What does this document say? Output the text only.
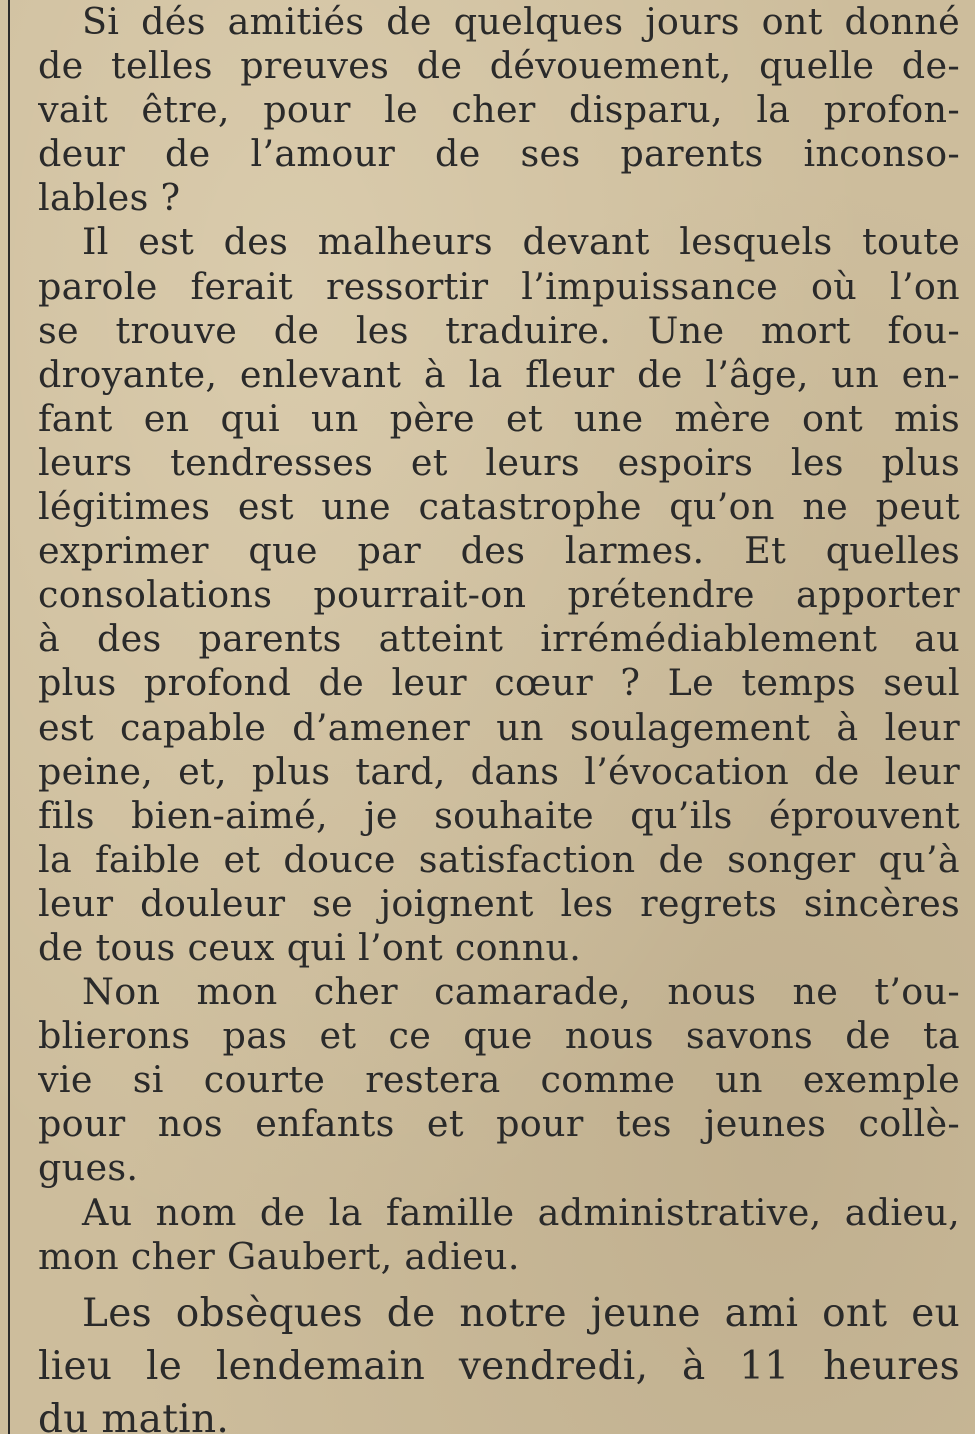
Si dés amitiés de quelques jours ont donné
de telles preuves de dévouement, quelle de-
vait être, pour le cher disparu, la profon-
deur de l’amour de ses parents inconso-
lables ?
Il est des malheurs devant lesquels toute
parole ferait ressortir l’impuissance où l’on
se trouve de les traduire. Une mort fou-
droyante, enlevant à la fleur de l’âge, un en-
fant en qui un père et une mère ont mis
leurs tendresses et leurs espoirs les plus
légitimes est une catastrophe qu’on ne peut
exprimer que par des larmes. Et quelles
consolations pourrait-on prétendre apporter
à des parents atteint irrémédiablement au
plus profond de leur cœur ? Le temps seul
est capable d’amener un soulagement à leur
peine, et, plus tard, dans l’évocation de leur
fils bien-aimé, je souhaite qu’ils éprouvent
la faible et douce satisfaction de songer qu’à
leur douleur se joignent les regrets sincères
de tous ceux qui l’ont connu.
Non mon cher camarade, nous ne t’ou-
blierons pas et ce que nous savons de ta
vie si courte restera comme un exemple
pour nos enfants et pour tes jeunes collè-
gues.
Au nom de la famille administrative, adieu,
mon cher Gaubert, adieu.
Les obsèques de notre jeune ami ont eu
lieu le lendemain vendredi, à 11 heures
du matin.
